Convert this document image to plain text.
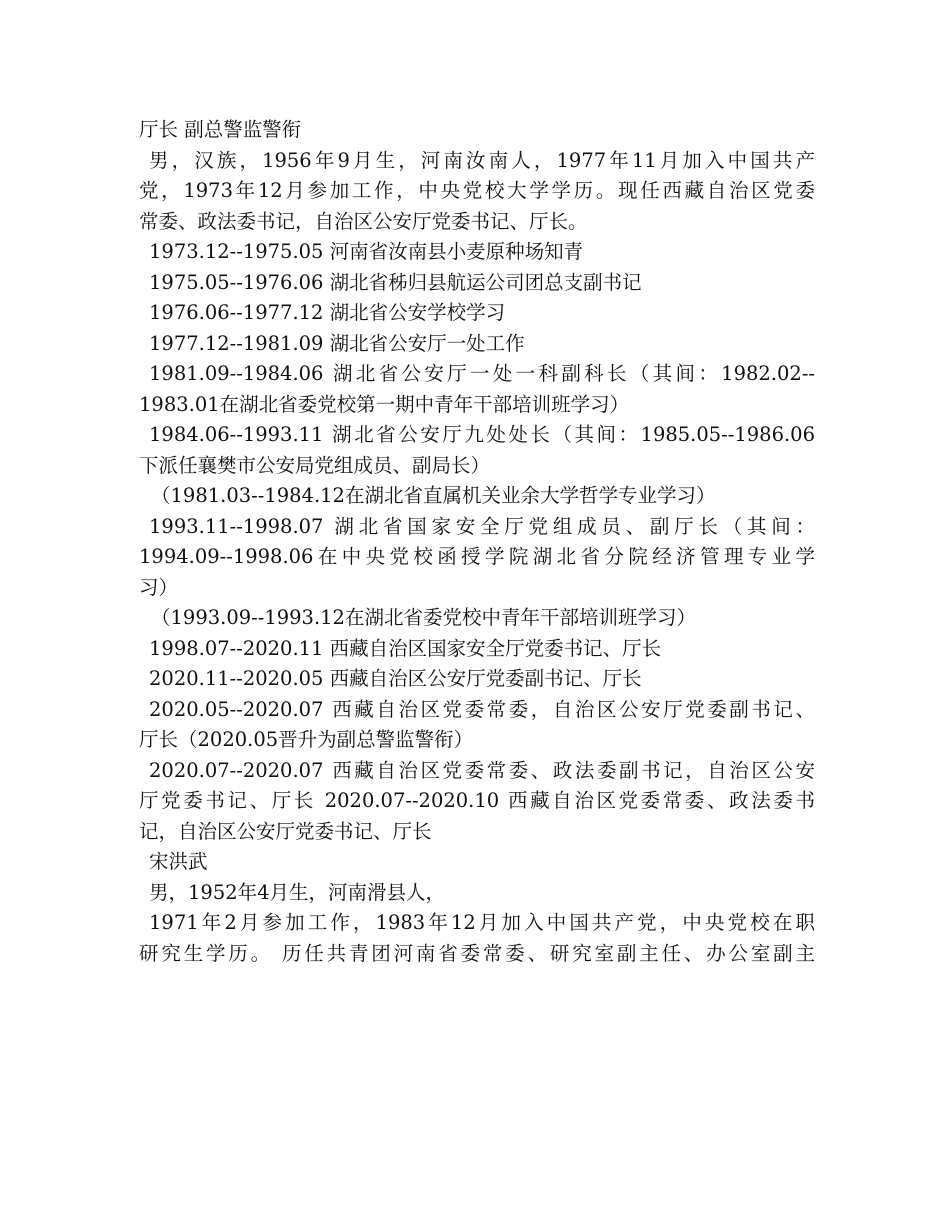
厅长 副总警监警衔
男，汉族，1956年9月生，河南汝南人，1977年11月加入中国共产
党，1973年12月参加工作，中央党校大学学历。现任西藏自治区党委
常委、政法委书记，自治区公安厅党委书记、厅长。
1973.12--1975.05 河南省汝南县小麦原种场知青
1975.05--1976.06 湖北省秭归县航运公司团总支副书记
1976.06--1977.12 湖北省公安学校学习
1977.12--1981.09 湖北省公安厅一处工作
1981.09--1984.06 湖北省公安厅一处一科副科长（其间：1982.02--
1983.01在湖北省委党校第一期中青年干部培训班学习）
1984.06--1993.11 湖北省公安厅九处处长（其间：1985.05--1986.06
下派任襄樊市公安局党组成员、副局长）
（1981.03--1984.12在湖北省直属机关业余大学哲学专业学习）
1993.11--1998.07 湖北省国家安全厅党组成员、副厅长（其间：
1994.09--1998.06在中央党校函授学院湖北省分院经济管理专业学
习）
（1993.09--1993.12在湖北省委党校中青年干部培训班学习）
1998.07--2020.11 西藏自治区国家安全厅党委书记、厅长
2020.11--2020.05 西藏自治区公安厅党委副书记、厅长
2020.05--2020.07 西藏自治区党委常委，自治区公安厅党委副书记、
厅长（2020.05晋升为副总警监警衔）
2020.07--2020.07 西藏自治区党委常委、政法委副书记，自治区公安
厅党委书记、厅长 2020.07--2020.10 西藏自治区党委常委、政法委书
记，自治区公安厅党委书记、厅长
宋洪武
男，1952年4月生，河南滑县人，
1971年2月参加工作，1983年12月加入中国共产党，中央党校在职
研究生学历。 历任共青团河南省委常委、研究室副主任、办公室副主
